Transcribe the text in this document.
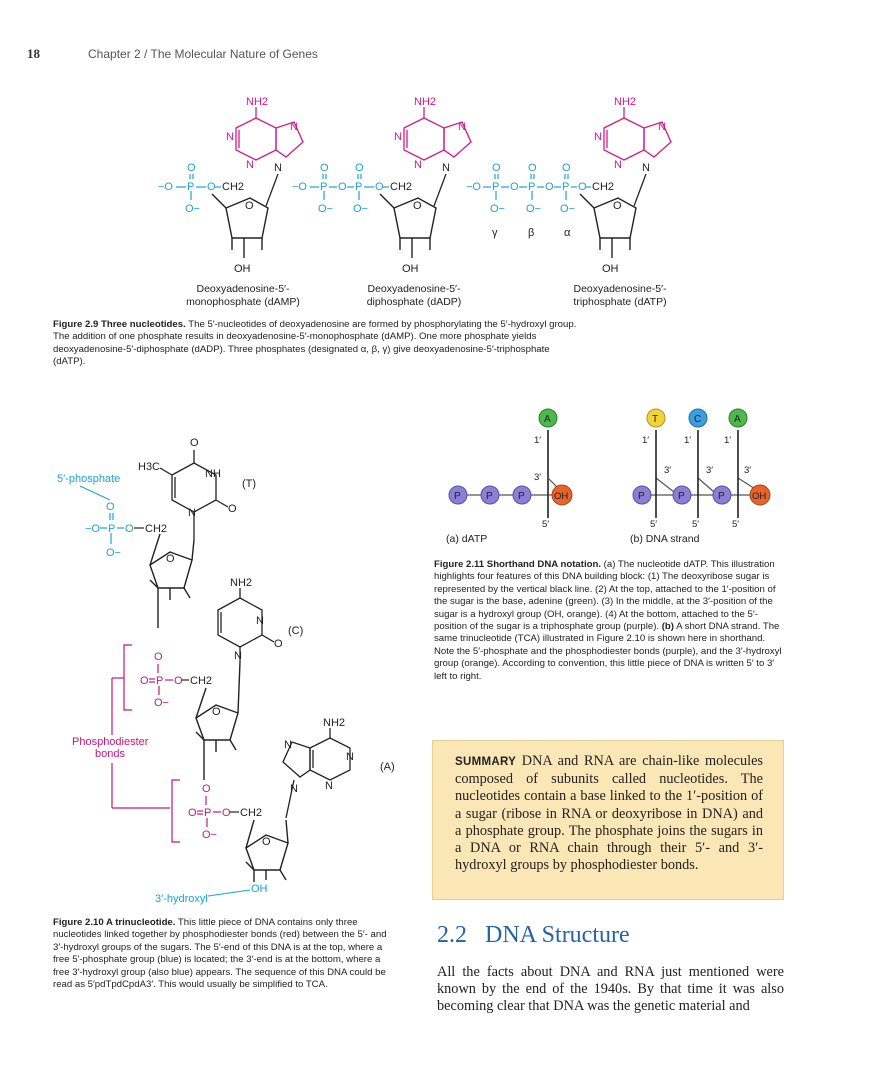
18	Chapter 2 / The Molecular Nature of Genes
NH2
N
N
N
N
O
OH
−O P
O
O−
O CH2
NH2
N
N
N
N
O
OH
−O P
O
O−
O P
O
O−
O CH2
NH2
N
N
N
N
O
OH
−O P
O
O−
O P
O
O−
O P
O
O−
O CH2
γ	β	α
Deoxyadenosine-5′-
monophosphate (dAMP)
Deoxyadenosine-5′-
diphosphate (dADP)
Deoxyadenosine-5′-
triphosphate (dATP)
Figure 2.9 Three nucleotides. The 5′-nucleotides of deoxyadenosine are formed by phosphorylating the 5′-hydroxyl group. The addition of one phosphate results in deoxyadenosine-5′-monophosphate (dAMP). One more phosphate yields deoxyadenosine-5′-diphosphate (dADP). Three phosphates (designated α, β, γ) give deoxyadenosine-5′-triphosphate (dATP).
O
NH
O
N
H3C
(T)
5′-phosphate
O
−O P O
O−
CH2
O
NH2
N
O
N
(C)
O
O P O
O−
CH2
O
Phosphodiester
bonds
NH2
N
N
N
N
(A)
O
O P O
O−
CH2
O
OH
3′-hydroxyl
Figure 2.10 A trinucleotide. This little piece of DNA contains only three nucleotides linked together by phosphodiester bonds (red) between the 5′- and 3′-hydroxyl groups of the sugars. The 5′-end of this DNA is at the top, where a free 5′-phosphate group (blue) is located; the 3′-end is at the bottom, where a free 3′-hydroxyl group (also blue) appears. The sequence of this DNA could be read as 5′pdTpdCpdA3′. This would usually be simplified to TCA.
P	P	P	OH
A
1′
3′
5′
(a) dATP
P	P	P	OH
T	C	A
1′	1′	1′
3′	3′	3′
5′	5′	5′
(b) DNA strand
Figure 2.11 Shorthand DNA notation. (a) The nucleotide dATP. This illustration highlights four features of this DNA building block: (1) The deoxyribose sugar is represented by the vertical black line. (2) At the top, attached to the 1′-position of the sugar is the base, adenine (green). (3) In the middle, at the 3′-position of the sugar is a hydroxyl group (OH, orange). (4) At the bottom, attached to the 5′-position of the sugar is a triphosphate group (purple). (b) A short DNA strand. The same trinucleotide (TCA) illustrated in Figure 2.10 is shown here in shorthand. Note the 5′-phosphate and the phosphodiester bonds (purple), and the 3′-hydroxyl group (orange). According to convention, this little piece of DNA is written 5′ to 3′ left to right.
SUMMARY DNA and RNA are chain-like molecules composed of subunits called nucleotides. The nucleotides contain a base linked to the 1′-position of a sugar (ribose in RNA or deoxyribose in DNA) and a phosphate group. The phosphate joins the sugars in a DNA or RNA chain through their 5′- and 3′-hydroxyl groups by phosphodiester bonds.
2.2 DNA Structure
All the facts about DNA and RNA just mentioned were known by the end of the 1940s. By that time it was also becoming clear that DNA was the genetic material and
